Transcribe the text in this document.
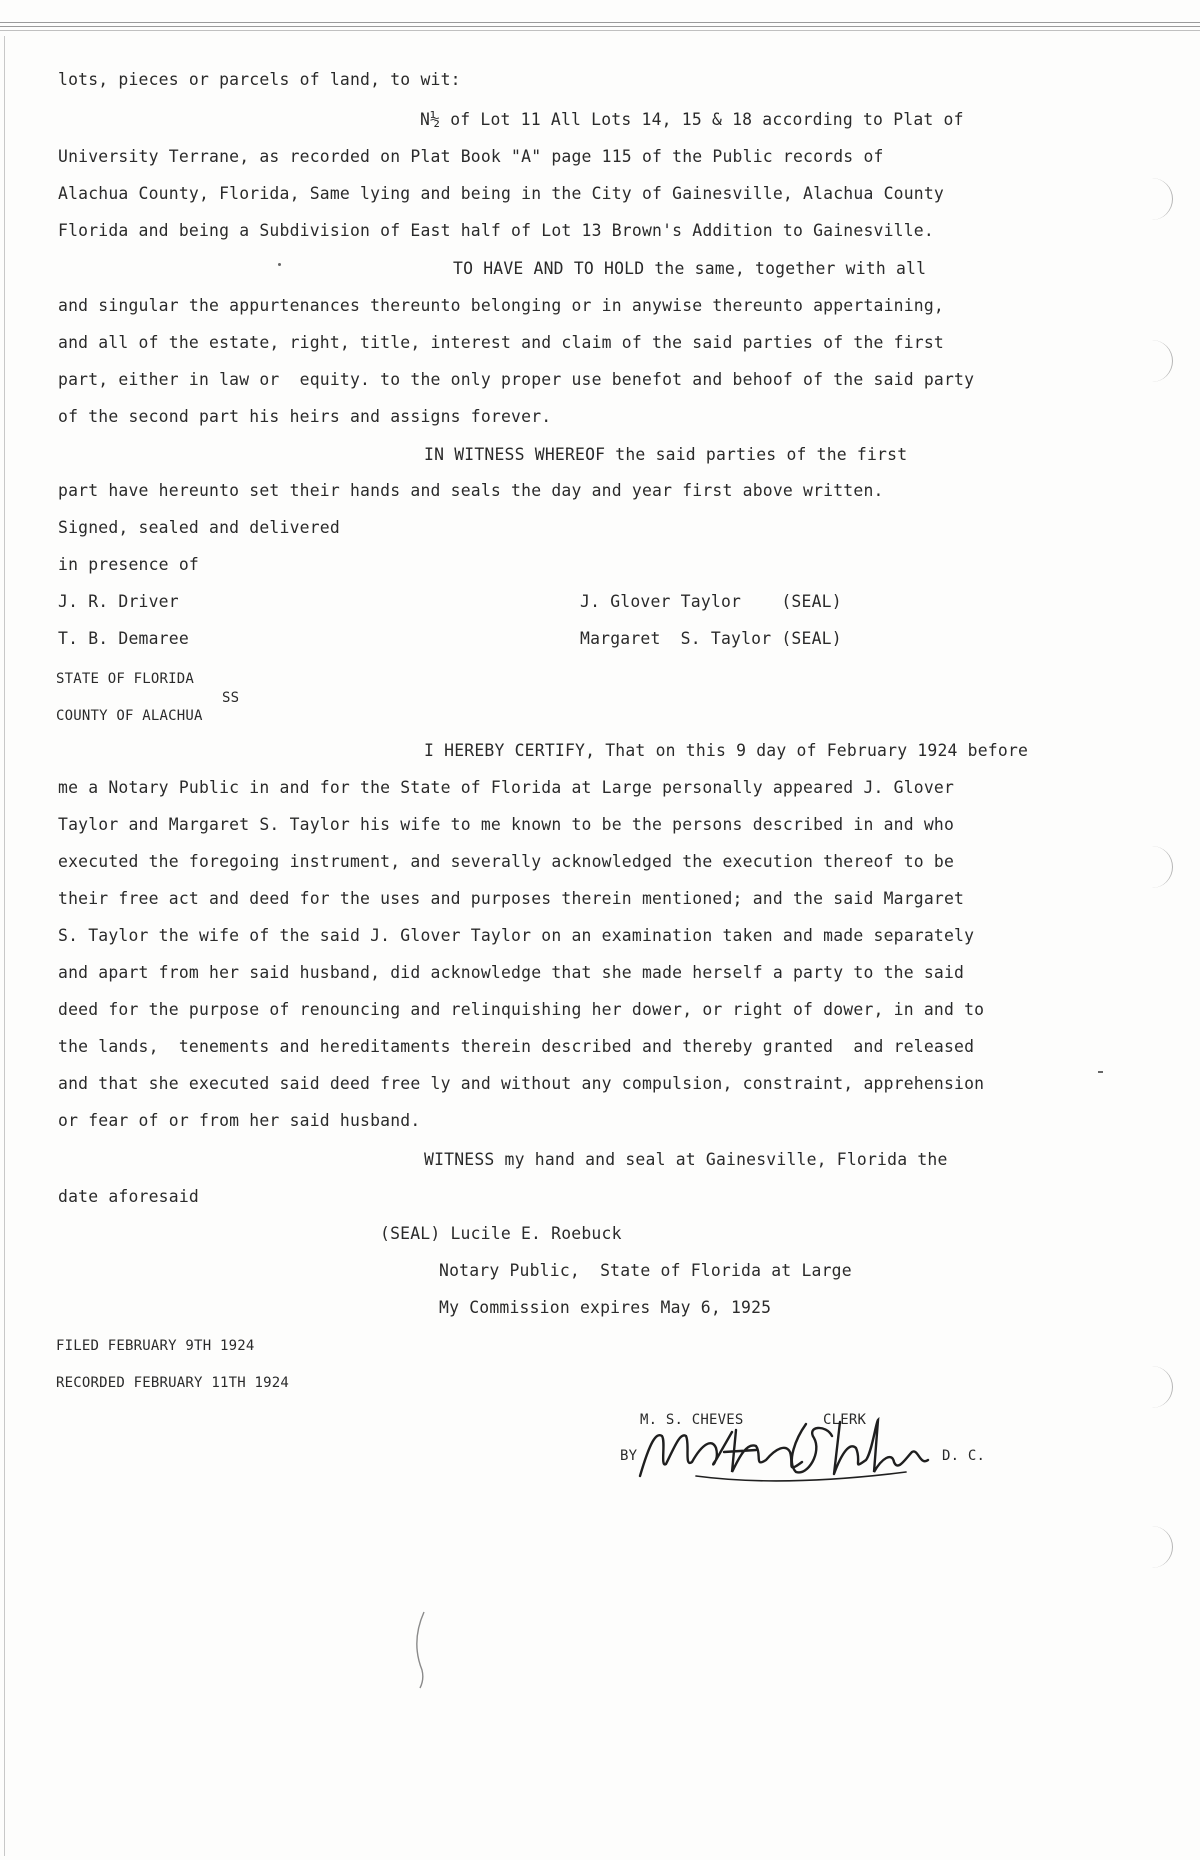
lots, pieces or parcels of land, to wit:
N½ of Lot 11 All Lots 14, 15 & 18 according to Plat of
University Terrane, as recorded on Plat Book "A" page 115 of the Public records of
Alachua County, Florida, Same lying and being in the City of Gainesville, Alachua County
Florida and being a Subdivision of East half of Lot 13 Brown's Addition to Gainesville.
TO HAVE AND TO HOLD the same, together with all
and singular the appurtenances thereunto belonging or in anywise thereunto appertaining,
and all of the estate, right, title, interest and claim of the said parties of the first
part, either in law or  equity. to the only proper use benefot and behoof of the said party
of the second part his heirs and assigns forever.
IN WITNESS WHEREOF the said parties of the first
part have hereunto set their hands and seals the day and year first above written.
Signed, sealed and delivered
in presence of
J. R. Driver
T. B. Demaree
J. Glover Taylor    (SEAL)
Margaret  S. Taylor (SEAL)
STATE OF FLORIDA
COUNTY OF ALACHUA
SS
I HEREBY CERTIFY, That on this 9 day of February 1924 before
me a Notary Public in and for the State of Florida at Large personally appeared J. Glover
Taylor and Margaret S. Taylor his wife to me known to be the persons described in and who
executed the foregoing instrument, and severally acknowledged the execution thereof to be
their free act and deed for the uses and purposes therein mentioned; and the said Margaret
S. Taylor the wife of the said J. Glover Taylor on an examination taken and made separately
and apart from her said husband, did acknowledge that she made herself a party to the said
deed for the purpose of renouncing and relinquishing her dower, or right of dower, in and to
the lands,  tenements and hereditaments therein described and thereby granted  and released
and that she executed said deed free ly and without any compulsion, constraint, apprehension
or fear of or from her said husband.
WITNESS my hand and seal at Gainesville, Florida the
date aforesaid
(SEAL) Lucile E. Roebuck
Notary Public,  State of Florida at Large
My Commission expires May 6, 1925
FILED FEBRUARY 9TH 1924
RECORDED FEBRUARY 11TH 1924
M. S. CHEVES	CLERK
BY	D. C.
